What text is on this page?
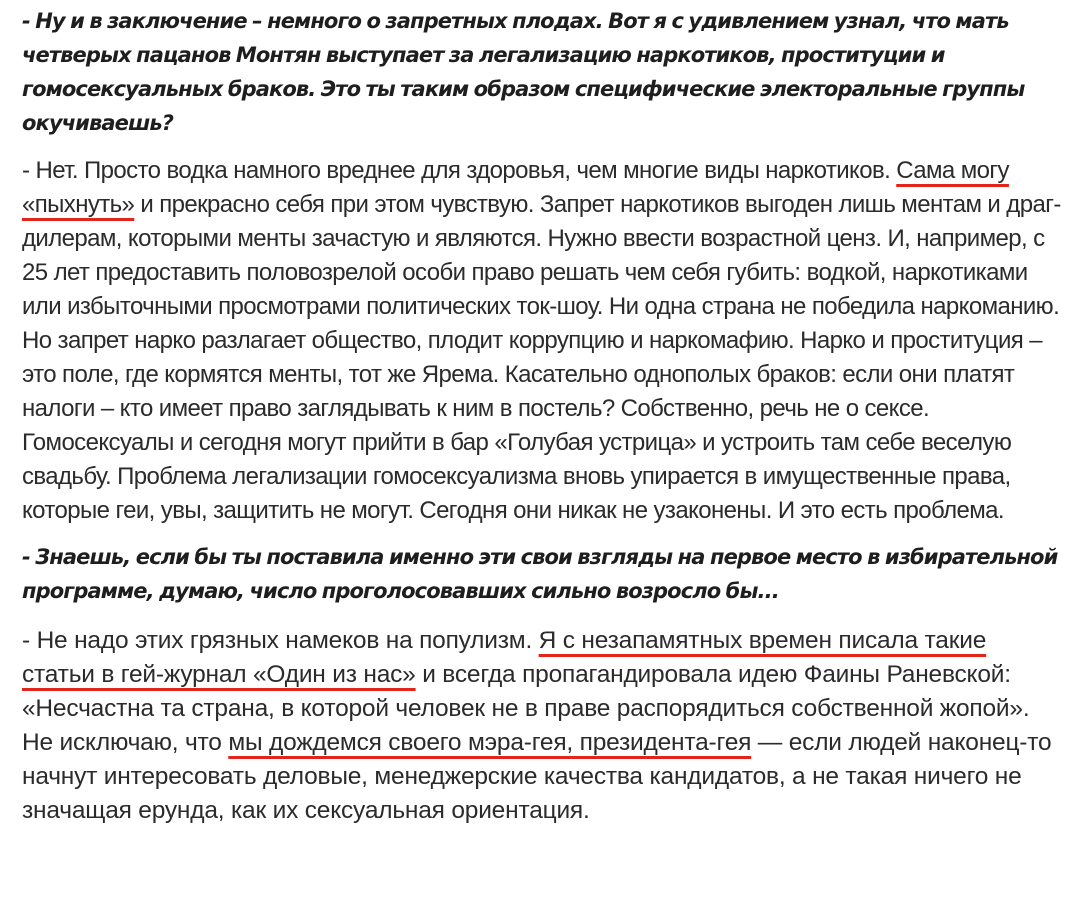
- Ну и в заключение – немного о запретных плодах. Вот я с удивлением узнал, что мать четверых пацанов Монтян выступает за легализацию наркотиков, проституции и гомосексуальных браков. Это ты таким образом специфические электоральные группы окучиваешь?

- Нет. Просто водка намного вреднее для здоровья, чем многие виды наркотиков. Сама могу «пыхнуть» и прекрасно себя при этом чувствую. Запрет наркотиков выгоден лишь ментам и драг-дилерам, которыми менты зачастую и являются. Нужно ввести возрастной ценз. И, например, с 25 лет предоставить половозрелой особи право решать чем себя губить: водкой, наркотиками или избыточными просмотрами политических ток-шоу. Ни одна страна не победила наркоманию. Но запрет нарко разлагает общество, плодит коррупцию и наркомафию. Нарко и проституция – это поле, где кормятся менты, тот же Ярема. Касательно однополых браков: если они платят налоги – кто имеет право заглядывать к ним в постель? Собственно, речь не о сексе. Гомосексуалы и сегодня могут прийти в бар «Голубая устрица» и устроить там себе веселую свадьбу. Проблема легализации гомосексуализма вновь упирается в имущественные права, которые геи, увы, защитить не могут. Сегодня они никак не узаконены. И это есть проблема.

- Знаешь, если бы ты поставила именно эти свои взгляды на первое место в избирательной программе, думаю, число проголосовавших сильно возросло бы...

- Не надо этих грязных намеков на популизм. Я с незапамятных времен писала такие статьи в гей-журнал «Один из нас» и всегда пропагандировала идею Фаины Раневской: «Несчастна та страна, в которой человек не в праве распорядиться собственной жопой». Не исключаю, что мы дождемся своего мэра-гея, президента-гея — если людей наконец-то начнут интересовать деловые, менеджерские качества кандидатов, а не такая ничего не значащая ерунда, как их сексуальная ориентация.
